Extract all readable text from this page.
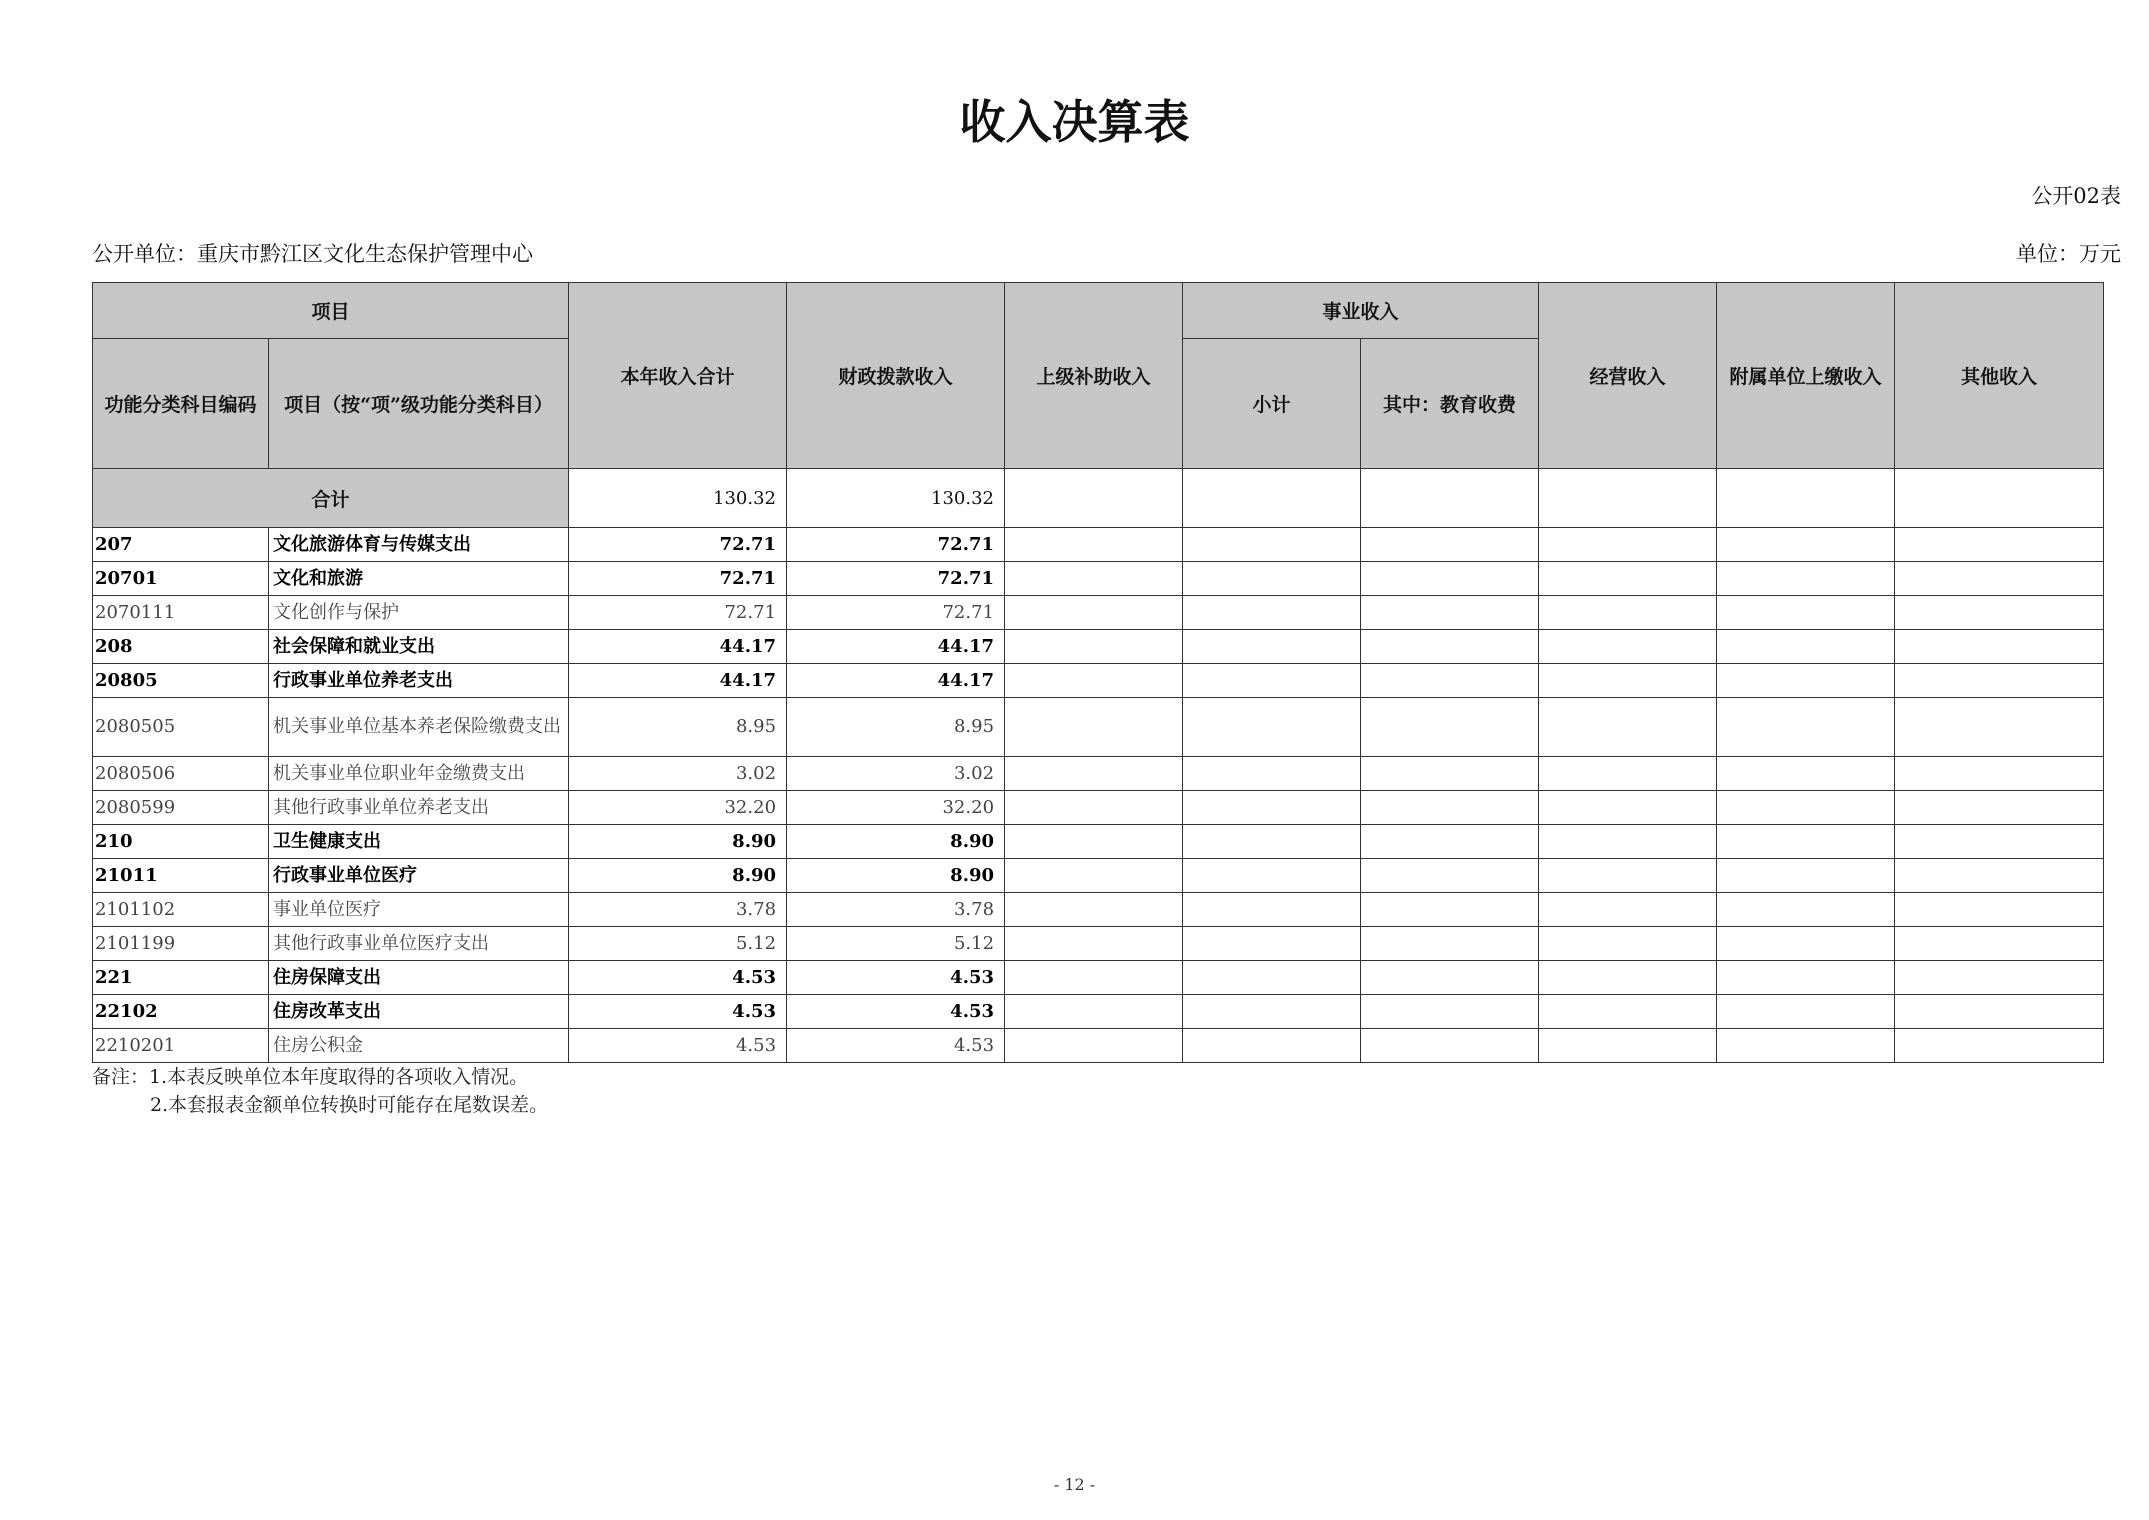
收入决算表
公开02表
公开单位：重庆市黔江区文化生态保护管理中心	单位：万元
项目		本年收入合计	财政拨款收入	上级补助收入	事业收入		经营收入	附属单位上缴收入	其他收入
功能分类科目编码	项目（按“项”级功能分类科目）				小计	其中：教育收费			
合计		130.32	130.32						
207	文化旅游体育与传媒支出	72.71	72.71						
20701	文化和旅游	72.71	72.71						
2070111	文化创作与保护	72.71	72.71						
208	社会保障和就业支出	44.17	44.17						
20805	行政事业单位养老支出	44.17	44.17						
2080505	机关事业单位基本养老保险缴费支出	8.95	8.95						
2080506	机关事业单位职业年金缴费支出	3.02	3.02						
2080599	其他行政事业单位养老支出	32.20	32.20						
210	卫生健康支出	8.90	8.90						
21011	行政事业单位医疗	8.90	8.90						
2101102	事业单位医疗	3.78	3.78						
2101199	其他行政事业单位医疗支出	5.12	5.12						
221	住房保障支出	4.53	4.53						
22102	住房改革支出	4.53	4.53						
2210201	住房公积金	4.53	4.53						
备注：1.本表反映单位本年度取得的各项收入情况。
2.本套报表金额单位转换时可能存在尾数误差。
- 12 -
